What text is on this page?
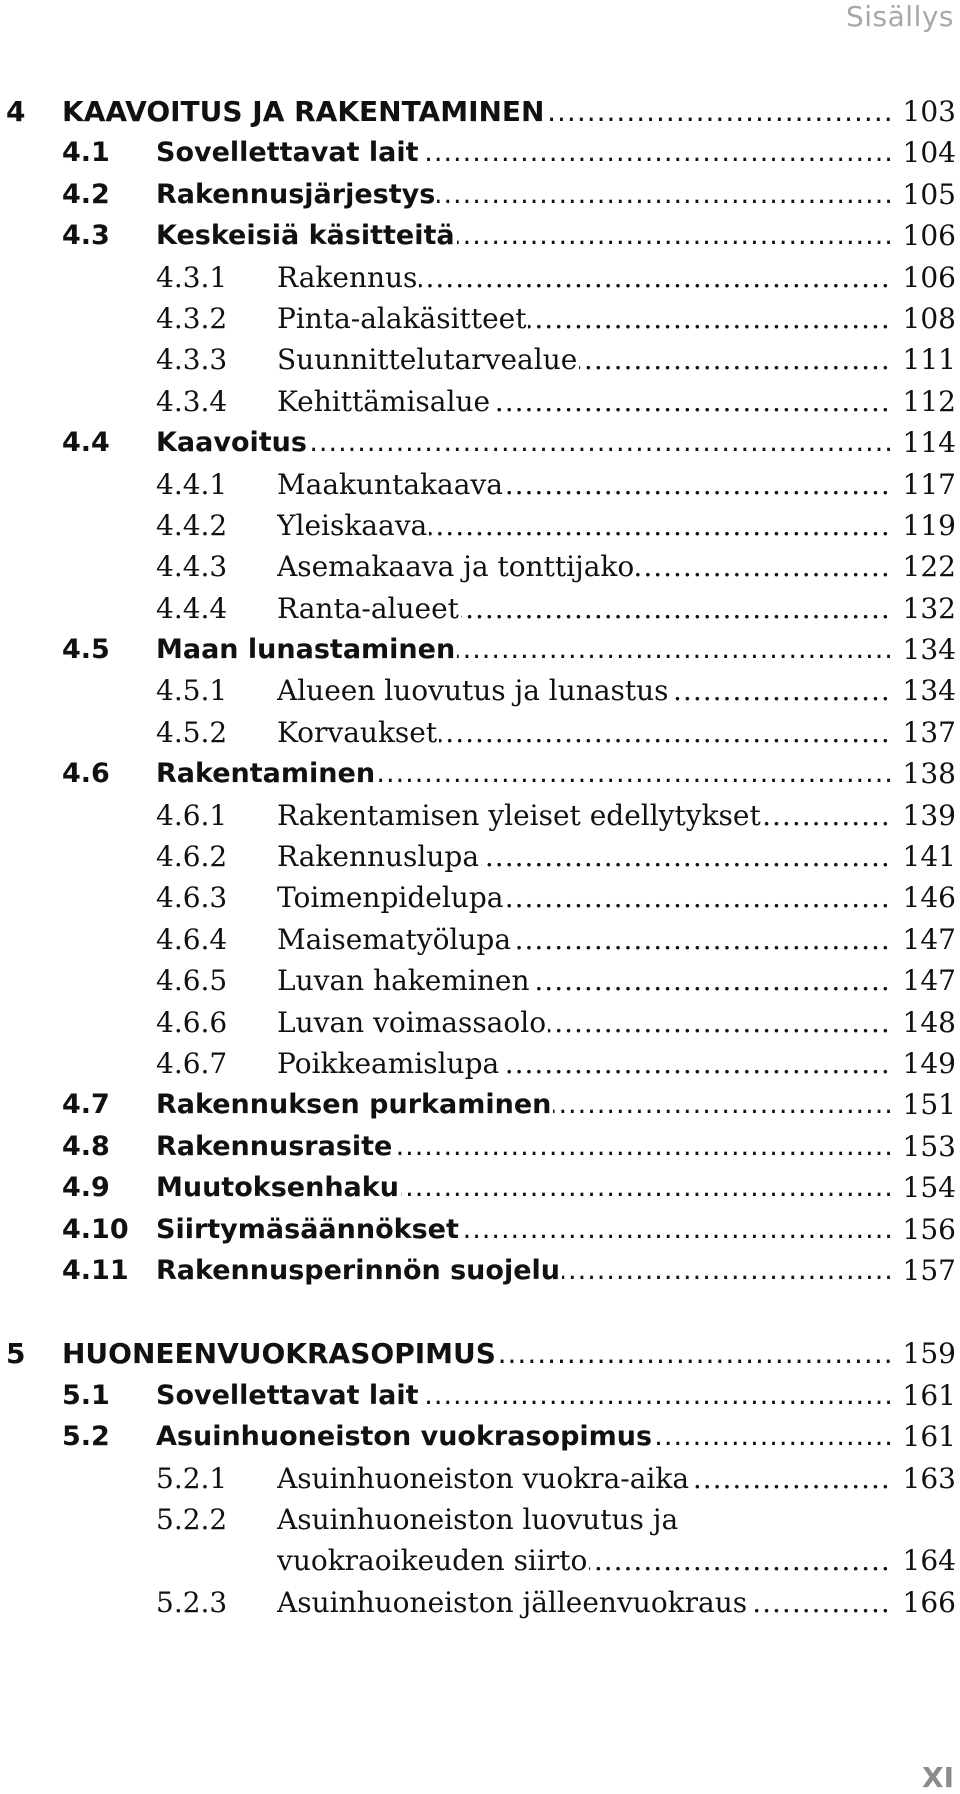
Sisällys
4 KAAVOITUS JA RAKENTAMINEN .....	103
4.1 Sovellettavat lait .....	104
4.2 Rakennusjärjestys .....	105
4.3 Keskeisiä käsitteitä .....	106
4.3.1 Rakennus .....	106
4.3.2 Pinta-alakäsitteet .....	108
4.3.3 Suunnittelutarvealue .....	111
4.3.4 Kehittämisalue .....	112
4.4 Kaavoitus .....	114
4.4.1 Maakuntakaava .....	117
4.4.2 Yleiskaava .....	119
4.4.3 Asemakaava ja tonttijako .....	122
4.4.4 Ranta-alueet .....	132
4.5 Maan lunastaminen .....	134
4.5.1 Alueen luovutus ja lunastus .....	134
4.5.2 Korvaukset .....	137
4.6 Rakentaminen .....	138
4.6.1 Rakentamisen yleiset edellytykset .....	139
4.6.2 Rakennuslupa .....	141
4.6.3 Toimenpidelupa .....	146
4.6.4 Maisematyölupa .....	147
4.6.5 Luvan hakeminen .....	147
4.6.6 Luvan voimassaolo .....	148
4.6.7 Poikkeamislupa .....	149
4.7 Rakennuksen purkaminen .....	151
4.8 Rakennusrasite .....	153
4.9 Muutoksenhaku .....	154
4.10 Siirtymäsäännökset .....	156
4.11 Rakennusperinnön suojelu .....	157
5 HUONEENVUOKRASOPIMUS .....	159
5.1 Sovellettavat lait .....	161
5.2 Asuinhuoneiston vuokrasopimus .....	161
5.2.1 Asuinhuoneiston vuokra-aika .....	163
5.2.2 Asuinhuoneiston luovutus ja
vuokraoikeuden siirto .....	164
5.2.3 Asuinhuoneiston jälleenvuokraus .....	166
XI
